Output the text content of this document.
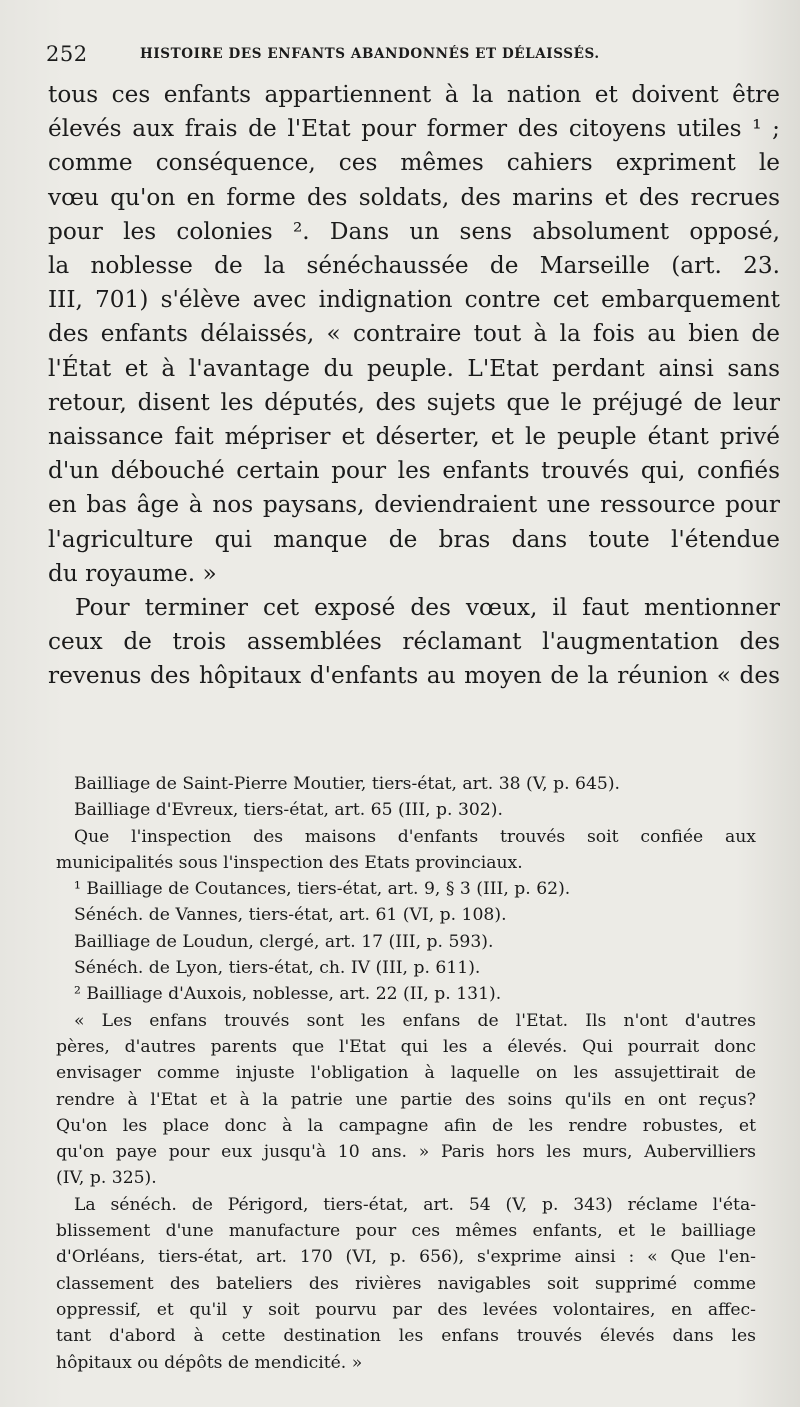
252	HISTOIRE DES ENFANTS ABANDONNÉS ET DÉLAISSÉS.
tous ces enfants appartiennent à la nation et doivent être
élevés aux frais de l'Etat pour former des citoyens utiles ¹ ;
comme conséquence, ces mêmes cahiers expriment le
vœu qu'on en forme des soldats, des marins et des recrues
pour les colonies ². Dans un sens absolument opposé,
la noblesse de la sénéchaussée de Marseille (art. 23.
III, 701) s'élève avec indignation contre cet embarquement
des enfants délaissés, « contraire tout à la fois au bien de
l'État et à l'avantage du peuple. L'Etat perdant ainsi sans
retour, disent les députés, des sujets que le préjugé de leur
naissance fait mépriser et déserter, et le peuple étant privé
d'un débouché certain pour les enfants trouvés qui, confiés
en bas âge à nos paysans, deviendraient une ressource pour
l'agriculture qui manque de bras dans toute l'étendue
du royaume. »
Pour terminer cet exposé des vœux, il faut mentionner
ceux de trois assemblées réclamant l'augmentation des
revenus des hôpitaux d'enfants au moyen de la réunion « des
Bailliage de Saint-Pierre Moutier, tiers-état, art. 38 (V, p. 645).
Bailliage d'Evreux, tiers-état, art. 65 (III, p. 302).
Que l'inspection des maisons d'enfants trouvés soit confiée aux
municipalités sous l'inspection des Etats provinciaux.
¹ Bailliage de Coutances, tiers-état, art. 9, § 3 (III, p. 62).
Sénéch. de Vannes, tiers-état, art. 61 (VI, p. 108).
Bailliage de Loudun, clergé, art. 17 (III, p. 593).
Sénéch. de Lyon, tiers-état, ch. IV (III, p. 611).
² Bailliage d'Auxois, noblesse, art. 22 (II, p. 131).
« Les enfans trouvés sont les enfans de l'Etat. Ils n'ont d'autres
pères, d'autres parents que l'Etat qui les a élevés. Qui pourrait donc
envisager comme injuste l'obligation à laquelle on les assujettirait de
rendre à l'Etat et à la patrie une partie des soins qu'ils en ont reçus?
Qu'on les place donc à la campagne afin de les rendre robustes, et
qu'on paye pour eux jusqu'à 10 ans. » Paris hors les murs, Aubervilliers
(IV, p. 325).
La sénéch. de Périgord, tiers-état, art. 54 (V, p. 343) réclame l'éta-
blissement d'une manufacture pour ces mêmes enfants, et le bailliage
d'Orléans, tiers-état, art. 170 (VI, p. 656), s'exprime ainsi : « Que l'en-
classement des bateliers des rivières navigables soit supprimé comme
oppressif, et qu'il y soit pourvu par des levées volontaires, en affec-
tant d'abord à cette destination les enfans trouvés élevés dans les
hôpitaux ou dépôts de mendicité. »
